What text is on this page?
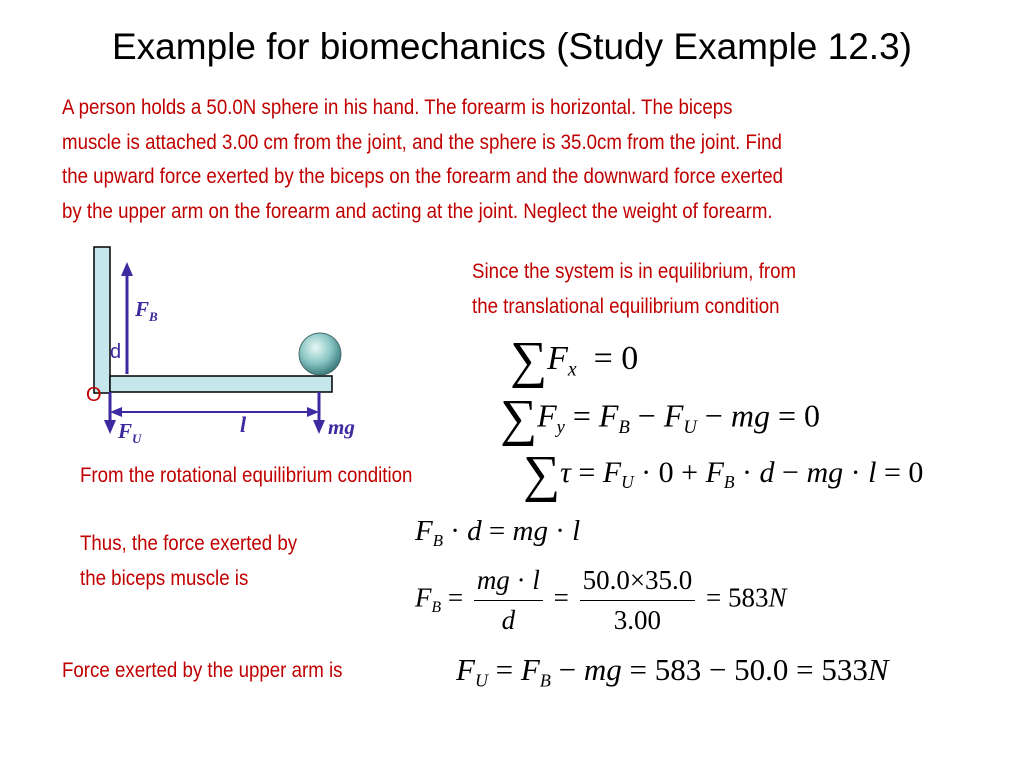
Example for biomechanics (Study Example 12.3)
A person holds a 50.0N sphere in his hand. The forearm is horizontal. The biceps
muscle is attached 3.00 cm from the joint, and the sphere is 35.0cm from the joint. Find
the upward force exerted by the biceps on the forearm and the downward force exerted
by the upper arm on the forearm and acting at the joint. Neglect the weight of forearm.
$F_B$
d
O
$F_U$
l	mg
Since the system is in equilibrium, from
the translational equilibrium condition
$\sum F_x = 0$
$\sum F_y = F_B - F_U$ − mg = 0
From the rotational equilibrium condition $\sum\tau = F_U \cdot 0 + F_B \cdot d$ − mg · l = 0
Thus, the force exerted by
the biceps muscle is
$F_B \cdot d$ = mg · l
$F_B = \frac{mg \cdot l}{d} = \frac{50.0\times 35.0}{3.00} = 583N$
Force exerted by the upper arm is	$F_U = F_B$ − mg = 583 − 50.0 = 533N
